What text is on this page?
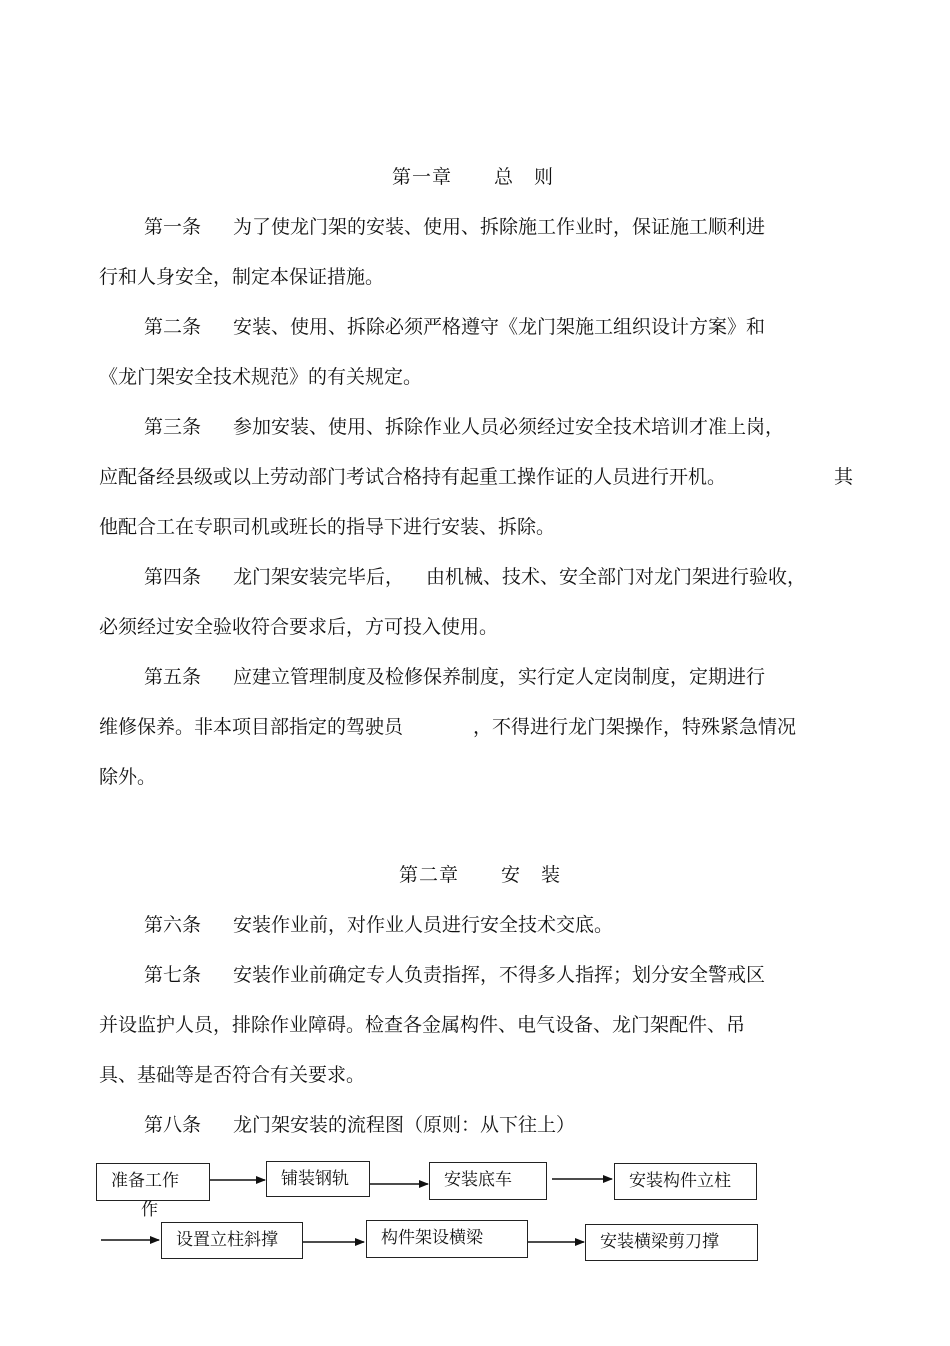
第一章 总　则
第一条 为了使龙门架的安装、使用、拆除施工作业时，保证施工顺利进
行和人身安全，制定本保证措施。
第二条 安装、使用、拆除必须严格遵守《龙门架施工组织设计方案》和
《龙门架安全技术规范》的有关规定。
第三条 参加安装、使用、拆除作业人员必须经过安全技术培训才准上岗，
应配备经县级或以上劳动部门考试合格持有起重工操作证的人员进行开机。	其
他配合工在专职司机或班长的指导下进行安装、拆除。
第四条 龙门架安装完毕后， 由机械、技术、安全部门对龙门架进行验收，
必须经过安全验收符合要求后，方可投入使用。
第五条 应建立管理制度及检修保养制度，实行定人定岗制度，定期进行
维修保养。非本项目部指定的驾驶员	，不得进行龙门架操作，特殊紧急情况
除外。
第二章 安　装
第六条 安装作业前，对作业人员进行安全技术交底。
第七条 安装作业前确定专人负责指挥，不得多人指挥；划分安全警戒区
并设监护人员，排除作业障碍。检查各金属构件、电气设备、龙门架配件、吊
具、基础等是否符合有关要求。
第八条 龙门架安装的流程图（原则：从下往上）
准备工作
作
铺装钢轨	安装底车	安装构件立柱
设置立柱斜撑	构件架设横梁	安装横梁剪刀撑
